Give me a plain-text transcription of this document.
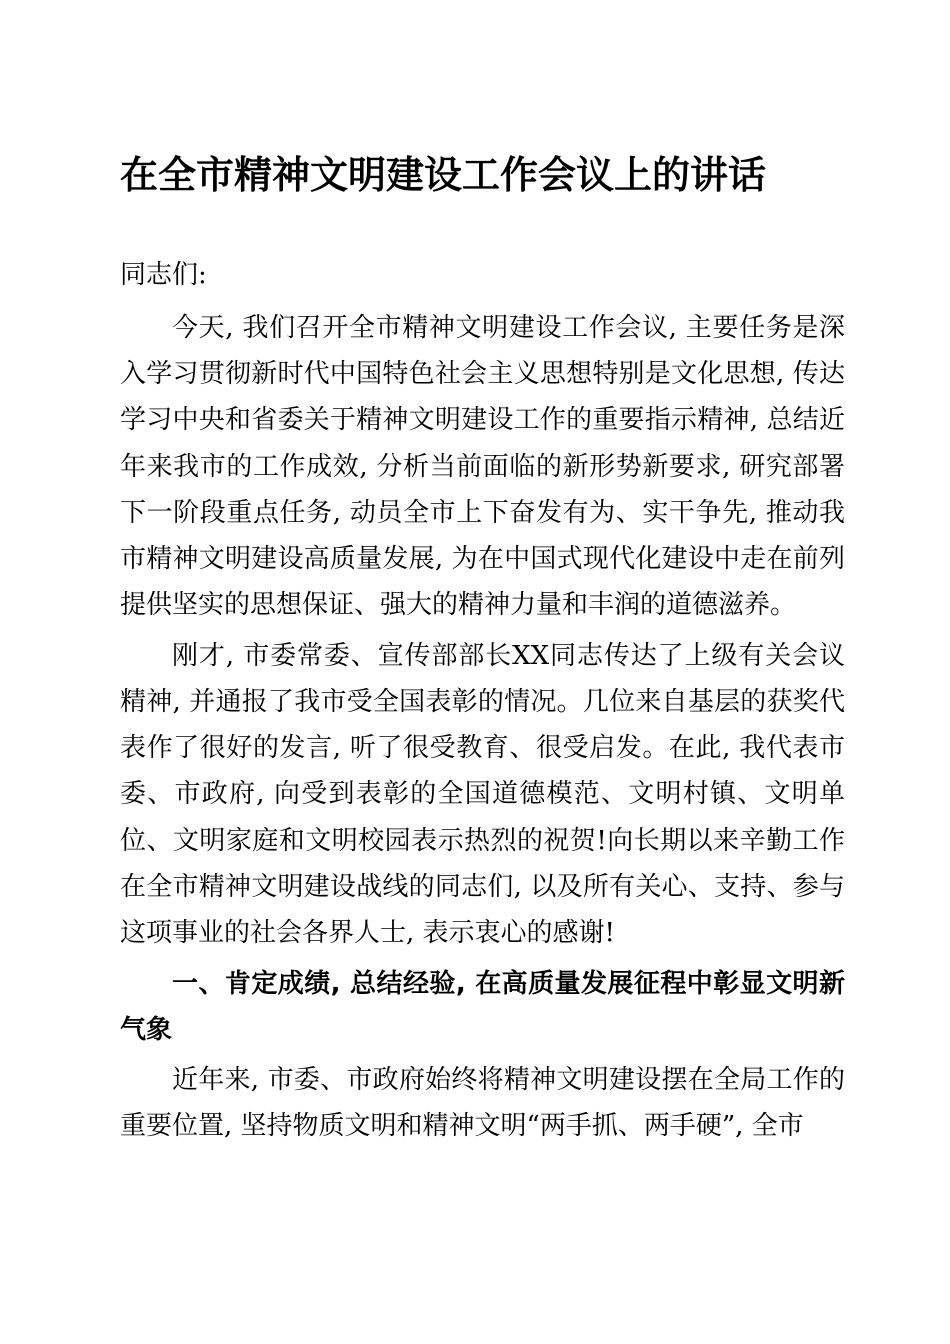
在全市精神文明建设工作会议上的讲话

同志们:

今天, 我们召开全市精神文明建设工作会议, 主要任务是深入学习贯彻新时代中国特色社会主义思想特别是文化思想, 传达学习中央和省委关于精神文明建设工作的重要指示精神, 总结近年来我市的工作成效, 分析当前面临的新形势新要求, 研究部署下一阶段重点任务, 动员全市上下奋发有为、实干争先, 推动我市精神文明建设高质量发展, 为在中国式现代化建设中走在前列提供坚实的思想保证、强大的精神力量和丰润的道德滋养。

刚才, 市委常委、宣传部部长XX同志传达了上级有关会议精神, 并通报了我市受全国表彰的情况。几位来自基层的获奖代表作了很好的发言, 听了很受教育、很受启发。在此, 我代表市委、市政府, 向受到表彰的全国道德模范、文明村镇、文明单位、文明家庭和文明校园表示热烈的祝贺!向长期以来辛勤工作在全市精神文明建设战线的同志们, 以及所有关心、支持、参与这项事业的社会各界人士, 表示衷心的感谢!

一、肯定成绩, 总结经验, 在高质量发展征程中彰显文明新气象

近年来, 市委、市政府始终将精神文明建设摆在全局工作的重要位置, 坚持物质文明和精神文明“两手抓、两手硬”, 全市
